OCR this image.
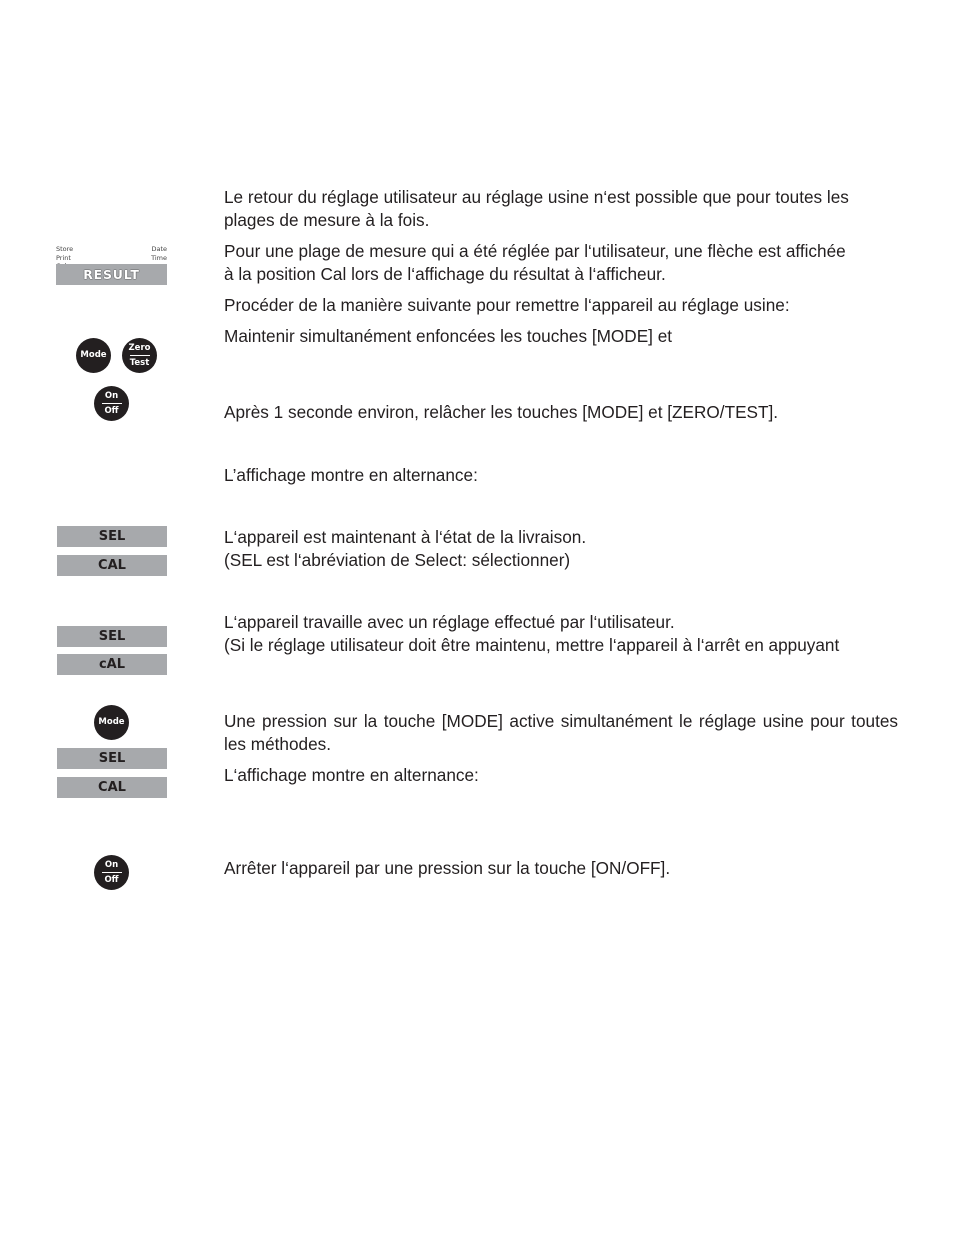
Le retour du réglage utilisateur au réglage usine n‘est possible que pour toutes les
plages de mesure à la fois.
Pour une plage de mesure qui a été réglée par l‘utilisateur, une flèche est affichée
à la position Cal lors de l‘affichage du résultat à l‘afficheur.

Procéder de la manière suivante pour remettre l‘appareil au réglage usine:

Maintenir simultanément enfoncées les touches [MODE] et

Après 1 seconde environ, relâcher les touches [MODE] et [ZERO/TEST].

L’affichage montre en alternance:

L‘appareil est maintenant à l‘état de la livraison.
(SEL est l‘abréviation de Select: sélectionner)
L‘appareil travaille avec un réglage effectué par l‘utilisateur.
(Si le réglage utilisateur doit être maintenu, mettre l‘appareil à l‘arrêt en appuyant

Une pression sur la touche [MODE] active simultanément le réglage usine pour toutes les méthodes.

L‘affichage montre en alternance:

Arrêter l‘appareil par une pression sur la touche [ON/OFF].

Store
Print
Date
Time
RESULT
Mode
Zero
Test
On
Off
SEL
CAL
SEL
cAL
Mode
SEL
CAL
On
Off
